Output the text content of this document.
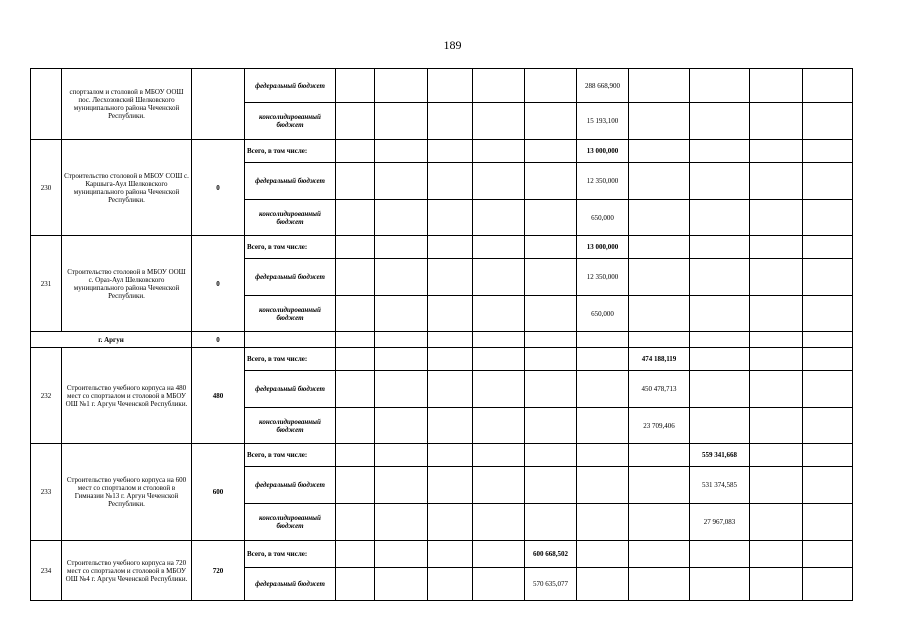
189
	спортзалом и столовой в МБОУ ООШ пос. Лесхозовский Шелковского муниципального района Чеченской Республики.		федеральный бюджет						288 668,900				
			консолидированный бюджет						15 193,100				
230	Строительство столовой в МБОУ СОШ с. Каршыга-Аул Шелковского муниципального района Чеченской Республики.	0	Всего, в том числе:						13 000,000				
			федеральный бюджет						12 350,000				
			консолидированный бюджет						650,000				
231	Строительство столовой в МБОУ ООШ с. Ораз-Аул Шелковского муниципального района Чеченской Республики.	0	Всего, в том числе:						13 000,000				
			федеральный бюджет						12 350,000				
			консолидированный бюджет						650,000				
г. Аргун		0											
232	Строительство учебного корпуса на 480 мест со спортзалом и столовой в МБОУ ОШ №1 г. Аргун Чеченской Республики.	480	Всего, в том числе:							474 188,119			
			федеральный бюджет							450 478,713			
			консолидированный бюджет							23 709,406			
233	Строительство учебного корпуса на 600 мест со спортзалом и столовой в Гимназии №13 г. Аргун Чеченской Республики.	600	Всего, в том числе:								559 341,668		
			федеральный бюджет								531 374,585		
			консолидированный бюджет								27 967,083		
234	Строительство учебного корпуса на 720 мест со спортзалом и столовой в МБОУ ОШ №4 г. Аргун Чеченской Республики.	720	Всего, в том числе:					600 668,502					
			федеральный бюджет					570 635,077					
